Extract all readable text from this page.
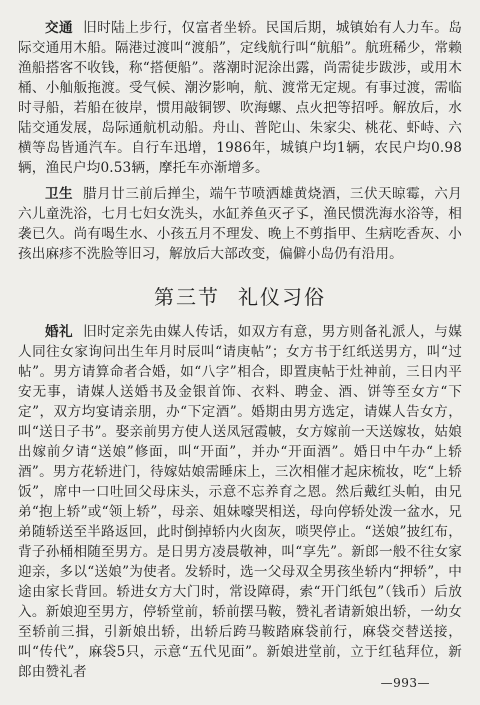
交通 旧时陆上步行，仅富者坐轿。民国后期，城镇始有人力车。岛际交通用木船。隔港过渡叫“渡船”，定线航行叫“航船”。航班稀少，常赖渔船搭客不收钱，称“搭便船”。落潮时泥涂出露，尚需徒步跋涉，或用木桶、小舢舨拖渡。受气候、潮汐影响，航、渡常无定规。有事过渡，需临时寻船，若船在彼岸，惯用敲铜锣、吹海螺、点火把等招呼。解放后，水陆交通发展，岛际通航机动船。舟山、普陀山、朱家尖、桃花、虾峙、六横等岛皆通汽车。自行车迅增，1986年，城镇户均1辆，农民户均0.98辆，渔民户均0.53辆，摩托车亦渐增多。

卫生 腊月廿三前后掸尘，端午节喷洒雄黄烧酒，三伏天晾霉，六月六儿童洗浴，七月七妇女洗头，水缸养鱼灭孑孓，渔民惯洗海水浴等，相袭已久。尚有喝生水、小孩五月不理发、晚上不剪指甲、生病吃香灰、小孩出麻疹不洗脸等旧习，解放后大部改变，偏僻小岛仍有沿用。

第三节 礼仪习俗

婚礼 旧时定亲先由媒人传话，如双方有意，男方则备礼派人，与媒人同往女家询问出生年月时辰叫“请庚帖”；女方书于红纸送男方，叫“过帖”。男方请算命者合婚，如“八字”相合，即置庚帖于灶神前，三日内平安无事，请媒人送婚书及金银首饰、衣料、聘金、酒、饼等至女方“下定”，双方均宴请亲朋，办“下定酒”。婚期由男方选定，请媒人告女方，叫“送日子书”。娶亲前男方使人送凤冠霞帔，女方嫁前一天送嫁妆，姑娘出嫁前夕请“送娘”修面，叫“开面”，并办“开面酒”。婚日中午办“上轿酒”。男方花轿进门，待嫁姑娘需睡床上，三次相催才起床梳妆，吃“上轿饭”，席中一口吐回父母床头，示意不忘养育之恩。然后戴红头帕，由兄弟“抱上轿”或“领上轿”，母亲、姐妹嚎哭相送，母向停轿处泼一盆水，兄弟随轿送至半路返回，此时倒掉轿内火囱灰，唢哭停止。“送娘”披红布，背子孙桶相随至男方。是日男方凌晨敬神，叫“享先”。新郎一般不往女家迎亲，多以“送娘”为使者。发轿时，选一父母双全男孩坐轿内“押轿”，中途由家长背回。轿进女方大门时，常设障碍，索“开门纸包”（钱币）后放入。新娘迎至男方，停轿堂前，轿前摆马鞍，赞礼者请新娘出轿，一幼女至轿前三揖，引新娘出轿，出轿后跨马鞍踏麻袋前行，麻袋交替送接，叫“传代”，麻袋5只，示意“五代见面”。新娘进堂前，立于红毡拜位，新郎由赞礼者

—993—
